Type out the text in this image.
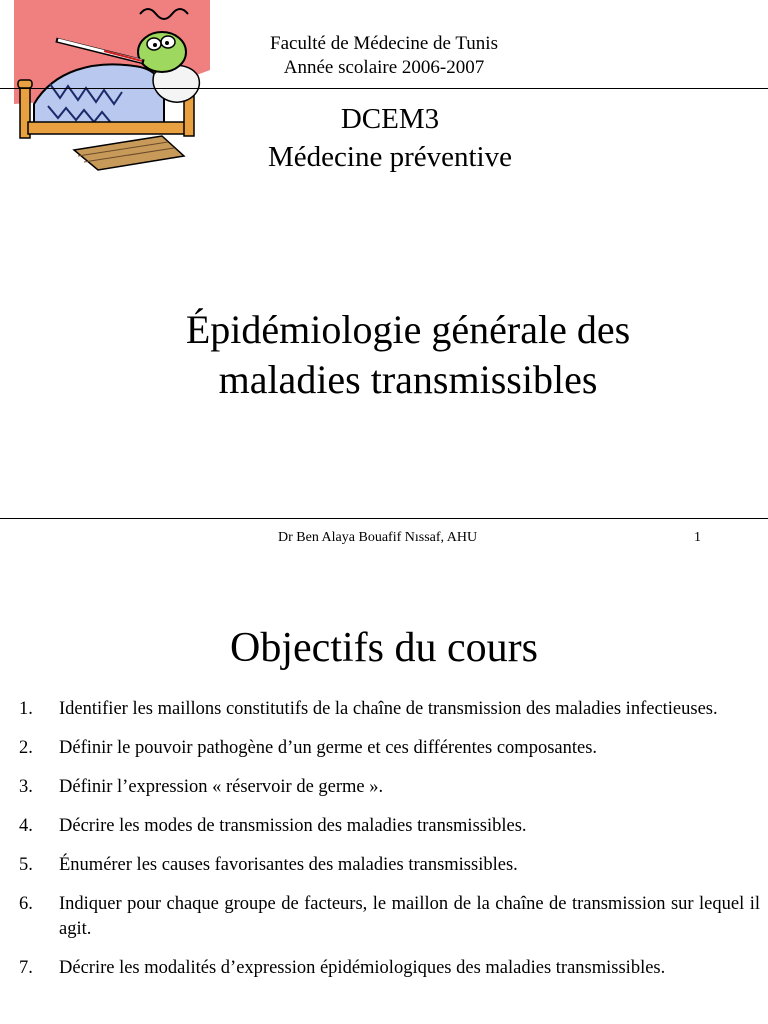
Faculté de Médecine de Tunis
Année scolaire 2006-2007
DCEM3
Médecine préventive
Épidémiologie générale des
maladies transmissibles
Dr Ben Alaya Bouafif Nıssaf, AHU	1
Objectifs du cours
1. Identifier les maillons constitutifs de la chaîne de transmission des maladies infectieuses.
2. Définir le pouvoir pathogène d’un germe et ces différentes composantes.
3. Définir l’expression « réservoir de germe ».
4. Décrire les modes de transmission des maladies transmissibles.
5. Énumérer les causes favorisantes des maladies transmissibles.
6. Indiquer pour chaque groupe de facteurs, le maillon de la chaîne de transmission sur lequel il agit.
7. Décrire les modalités d’expression épidémiologiques des maladies transmissibles.
